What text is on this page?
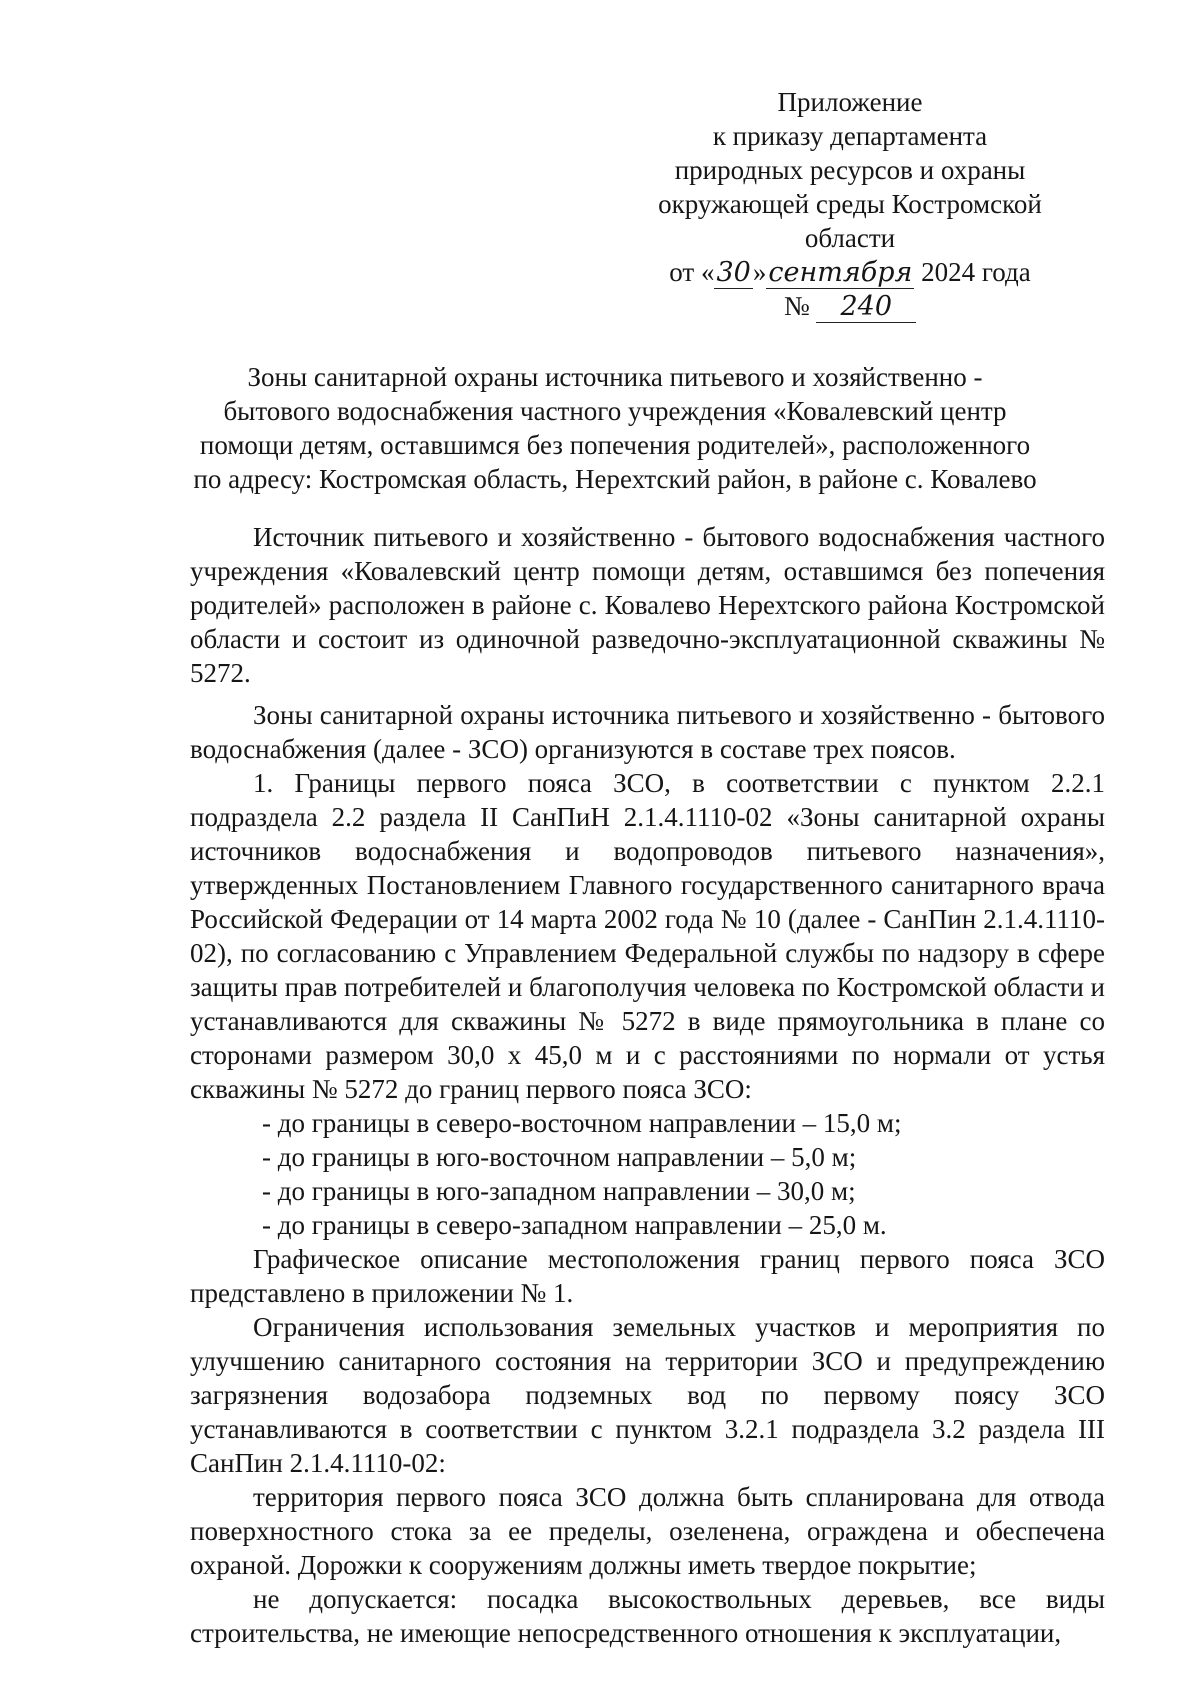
Приложение
к приказу департамента
природных ресурсов и охраны
окружающей среды Костромской
области
от «30»сентября 2024 года
№ 240
Зоны санитарной охраны источника питьевого и хозяйственно -
бытового водоснабжения частного учреждения «Ковалевский центр
помощи детям, оставшимся без попечения родителей», расположенного
по адресу: Костромская область, Нерехтский район, в районе с. Ковалево

Источник питьевого и хозяйственно - бытового водоснабжения частного учреждения «Ковалевский центр помощи детям, оставшимся без попечения родителей» расположен в районе с. Ковалево Нерехтского района Костромской области и состоит из одиночной разведочно-эксплуатационной скважины № 5272.

Зоны санитарной охраны источника питьевого и хозяйственно - бытового водоснабжения (далее - ЗСО) организуются в составе трех поясов.

1. Границы первого пояса ЗСО, в соответствии с пунктом 2.2.1 подраздела 2.2 раздела II СанПиН 2.1.4.1110-02 «Зоны санитарной охраны источников водоснабжения и водопроводов питьевого назначения», утвержденных Постановлением Главного государственного санитарного врача Российской Федерации от 14 марта 2002 года № 10 (далее - СанПин 2.1.4.1110-02), по согласованию с Управлением Федеральной службы по надзору в сфере защиты прав потребителей и благополучия человека по Костромской области и устанавливаются для скважины № 5272 в виде прямоугольника в плане со сторонами размером 30,0 х 45,0 м и с расстояниями по нормали от устья скважины № 5272 до границ первого пояса ЗСО:

- до границы в северо-восточном направлении – 15,0 м;
- до границы в юго-восточном направлении – 5,0 м;
- до границы в юго-западном направлении – 30,0 м;
- до границы в северо-западном направлении – 25,0 м.

Графическое описание местоположения границ первого пояса ЗСО представлено в приложении № 1.

Ограничения использования земельных участков и мероприятия по улучшению санитарного состояния на территории ЗСО и предупреждению загрязнения водозабора подземных вод по первому поясу ЗСО устанавливаются в соответствии с пунктом 3.2.1 подраздела 3.2 раздела III СанПин 2.1.4.1110-02:

территория первого пояса ЗСО должна быть спланирована для отвода поверхностного стока за ее пределы, озеленена, ограждена и обеспечена охраной. Дорожки к сооружениям должны иметь твердое покрытие;

не допускается: посадка высокоствольных деревьев, все виды строительства, не имеющие непосредственного отношения к эксплуатации,
